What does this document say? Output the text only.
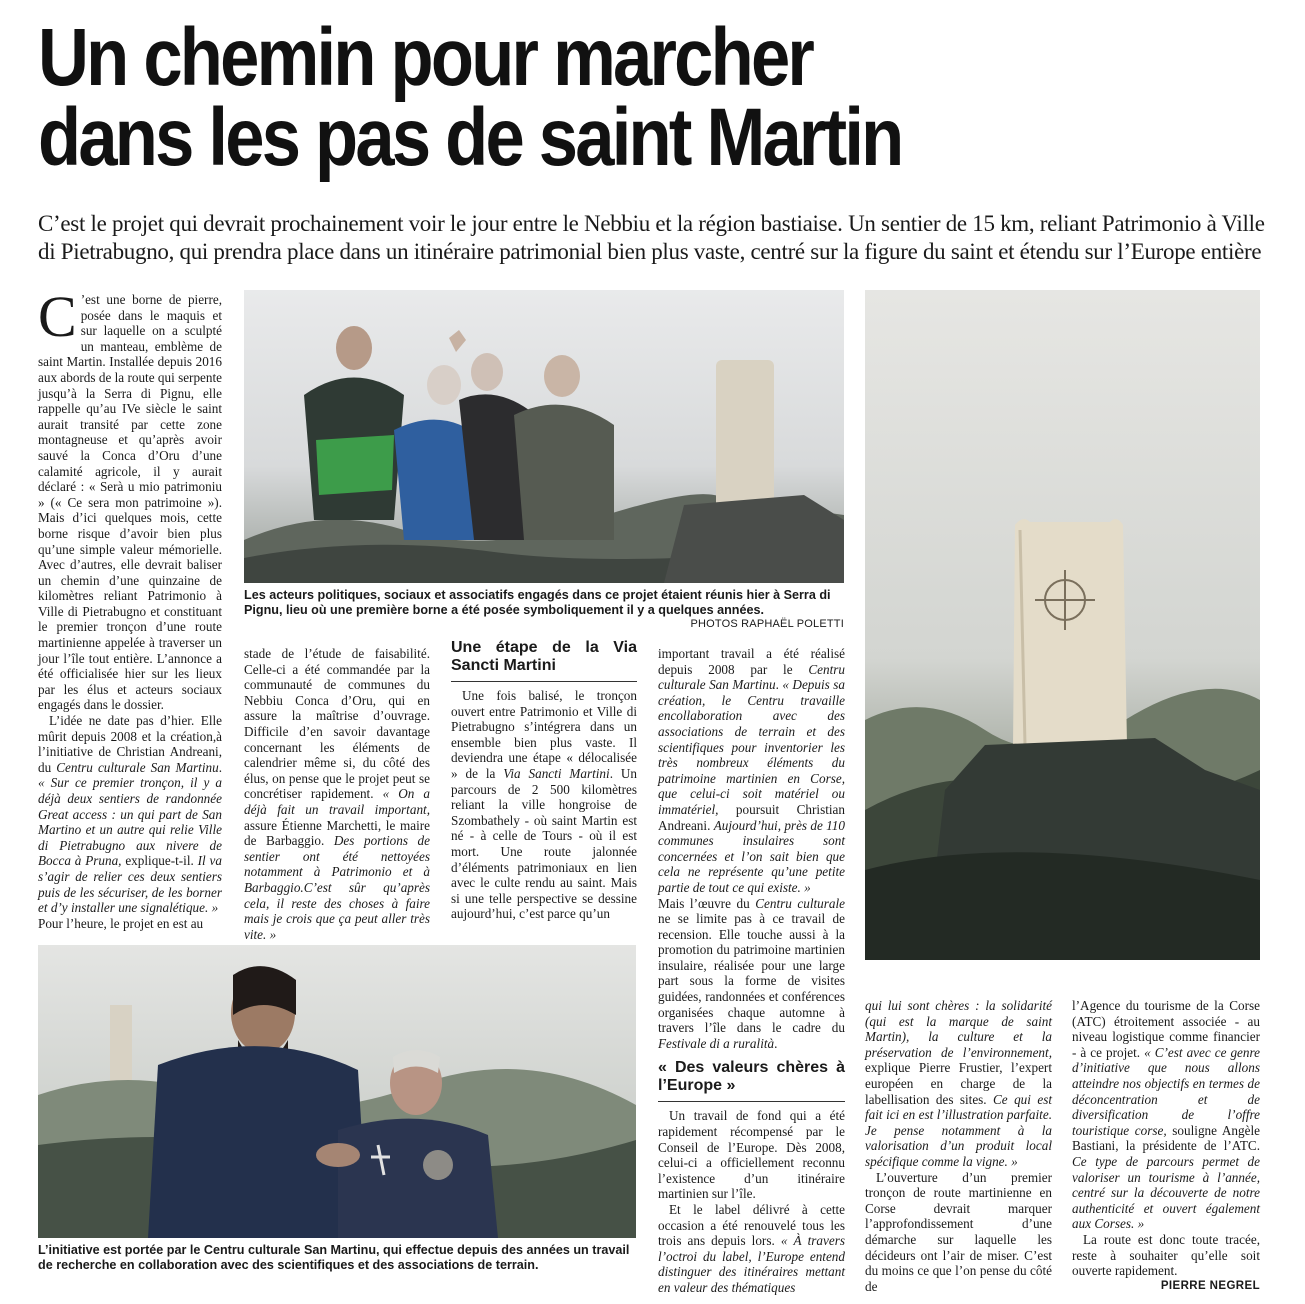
Un chemin pour marcher
dans les pas de saint Martin

C’est le projet qui devrait prochainement voir le jour entre le Nebbiu et la région bastiaise. Un sentier de 15 km, reliant Patrimonio à Ville di Pietrabugno, qui prendra place dans un itinéraire patrimonial bien plus vaste, centré sur la figure du saint et étendu sur l’Europe entière

C ’est une borne de pierre, posée dans le maquis et sur laquelle on a sculpté un manteau, emblème de saint Martin. Installée depuis 2016 aux abords de la route qui serpente jusqu’à la Serra di Pignu, elle rappelle qu’au IVe siècle le saint aurait transité par cette zone montagneuse et qu’après avoir sauvé la Conca d’Oru d’une calamité agricole, il y aurait déclaré : « Serà u mio patrimoniu » (« Ce sera mon patrimoine »). Mais d’ici quelques mois, cette borne risque d’avoir bien plus qu’une simple valeur mémorielle. Avec d’autres, elle devrait baliser un chemin d’une quinzaine de kilomètres reliant Patrimonio à Ville di Pietrabugno et constituant le premier tronçon d’une route martinienne appelée à traverser un jour l’île tout entière. L’annonce a été officialisée hier sur les lieux par les élus et acteurs sociaux engagés dans le dossier.

L’idée ne date pas d’hier. Elle mûrit depuis 2008 et la création,à l’initiative de Christian Andreani, du Centru culturale San Martinu. « Sur ce premier tronçon, il y a déjà deux sentiers de randonnée Great access : un qui part de San Martino et un autre qui relie Ville di Pietrabugno aux nivere de Bocca à Pruna, explique-t-il. Il va s’agir de relier ces deux sentiers puis de les sécuriser, de les borner et d’y installer une signalétique. »

Pour l’heure, le projet en est au

Les acteurs politiques, sociaux et associatifs engagés dans ce projet étaient réunis hier à Serra di Pignu, lieu où une première borne a été posée symboliquement il y a quelques années.

PHOTOS RAPHAËL POLETTI

stade de l’étude de faisabilité. Celle-ci a été commandée par la communauté de communes du Nebbiu Conca d’Oru, qui en assure la maîtrise d’ouvrage. Difficile d’en savoir davantage concernant les éléments de calendrier même si, du côté des élus, on pense que le projet peut se concrétiser rapidement. « On a déjà fait un travail important, assure Étienne Marchetti, le maire de Barbaggio. Des portions de sentier ont été nettoyées notamment à Patrimonio et à Barbaggio.C’est sûr qu’après cela, il reste des choses à faire mais je crois que ça peut aller très vite. »

Une étape de la Via Sancti Martini

Une fois balisé, le tronçon ouvert entre Patrimonio et Ville di Pietrabugno s’intégrera dans un ensemble bien plus vaste. Il deviendra une étape « délocalisée » de la Via Sancti Martini. Un parcours de 2 500 kilomètres reliant la ville hongroise de Szombathely - où saint Martin est né - à celle de Tours - où il est mort. Une route jalonnée d’éléments patrimoniaux en lien avec le culte rendu au saint. Mais si une telle perspective se dessine aujourd’hui, c’est parce qu’un

important travail a été réalisé depuis 2008 par le Centru culturale San Martinu. « Depuis sa création, le Centru travaille encollaboration avec des associations de terrain et des scientifiques pour inventorier les très nombreux éléments du patrimoine martinien en Corse, que celui-ci soit matériel ou immatériel, poursuit Christian Andreani. Aujourd’hui, près de 110 communes insulaires sont concernées et l’on sait bien que cela ne représente qu’une petite partie de tout ce qui existe. »

Mais l’œuvre du Centru culturale ne se limite pas à ce travail de recension. Elle touche aussi à la promotion du patrimoine martinien insulaire, réalisée pour une large part sous la forme de visites guidées, randonnées et conférences organisées chaque automne à travers l’île dans le cadre du Festivale di a ruralità.

« Des valeurs chères à l’Europe »

Un travail de fond qui a été rapidement récompensé par le Conseil de l’Europe. Dès 2008, celui-ci a officiellement reconnu l’existence d’un itinéraire martinien sur l’île.

Et le label délivré à cette occasion a été renouvelé tous les trois ans depuis lors. « À travers l’octroi du label, l’Europe entend distinguer des itinéraires mettant en valeur des thématiques

L’initiative est portée par le Centru culturale San Martinu, qui effectue depuis des années un travail de recherche en collaboration avec des scientifiques et des associations de terrain.

qui lui sont chères : la solidarité (qui est la marque de saint Martin), la culture et la préservation de l’environnement, explique Pierre Frustier, l’expert européen en charge de la labellisation des sites. Ce qui est fait ici en est l’illustration parfaite. Je pense notamment à la valorisation d’un produit local spécifique comme la vigne. »

L’ouverture d’un premier tronçon de route martinienne en Corse devrait marquer l’approfondissement d’une démarche sur laquelle les décideurs ont l’air de miser. C’est du moins ce que l’on pense du côté de

l’Agence du tourisme de la Corse (ATC) étroitement associée - au niveau logistique comme financier - à ce projet. « C’est avec ce genre d’initiative que nous allons atteindre nos objectifs en termes de déconcentration et de diversification de l’offre touristique corse, souligne Angèle Bastiani, la présidente de l’ATC. Ce type de parcours permet de valoriser un tourisme à l’année, centré sur la découverte de notre authenticité et ouvert également aux Corses. »

La route est donc toute tracée, reste à souhaiter qu’elle soit ouverte rapidement.

PIERRE NEGREL
